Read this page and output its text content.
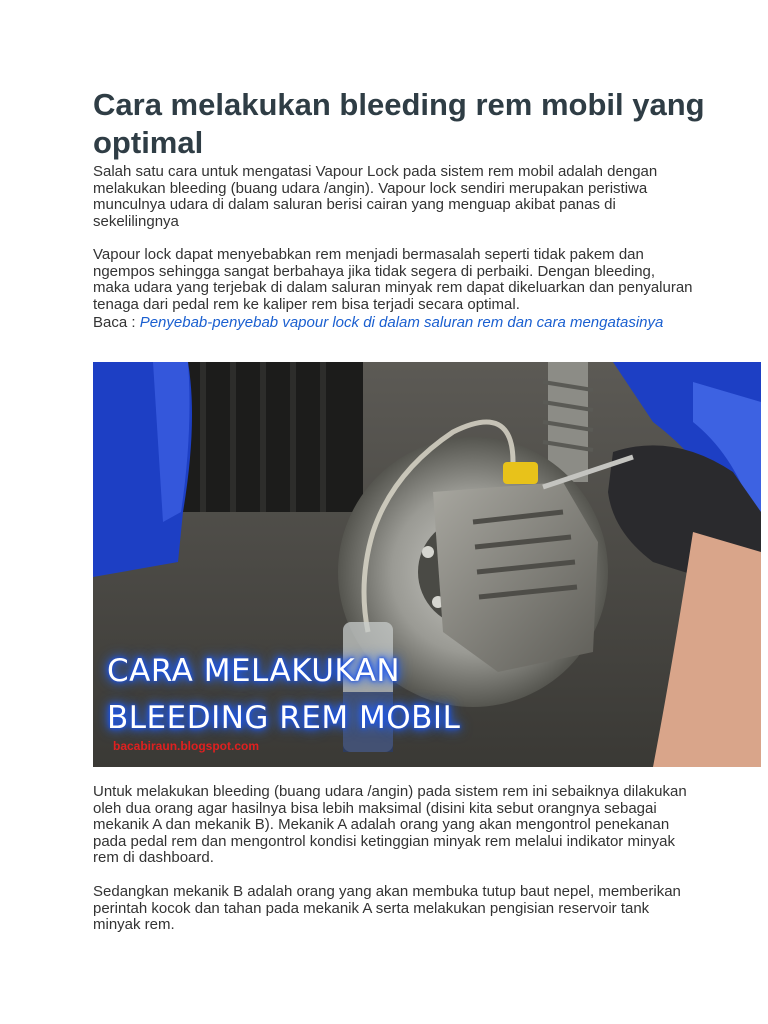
Cara melakukan bleeding rem mobil yang optimal

Salah satu cara untuk mengatasi Vapour Lock pada sistem rem mobil adalah dengan melakukan bleeding (buang udara /angin). Vapour lock sendiri merupakan peristiwa munculnya udara di dalam saluran berisi cairan yang menguap akibat panas di sekelilingnya

Vapour lock dapat menyebabkan rem menjadi bermasalah seperti tidak pakem dan ngempos sehingga sangat berbahaya jika tidak segera di perbaiki. Dengan bleeding, maka udara yang terjebak di dalam saluran minyak rem dapat dikeluarkan dan penyaluran tenaga dari pedal rem ke kaliper rem bisa terjadi secara optimal.

Baca : Penyebab-penyebab vapour lock di dalam saluran rem dan cara mengatasinya

CARA MELAKUKAN
BLEEDING REM MOBIL
bacabiraun.blogspot.com

Untuk melakukan bleeding (buang udara /angin) pada sistem rem ini sebaiknya dilakukan oleh dua orang agar hasilnya bisa lebih maksimal (disini kita sebut orangnya sebagai mekanik A dan mekanik B). Mekanik A adalah orang yang akan mengontrol penekanan pada pedal rem dan mengontrol kondisi ketinggian minyak rem melalui indikator minyak rem di dashboard.

Sedangkan mekanik B adalah orang yang akan membuka tutup baut nepel, memberikan perintah kocok dan tahan pada mekanik A serta melakukan pengisian reservoir tank minyak rem.
